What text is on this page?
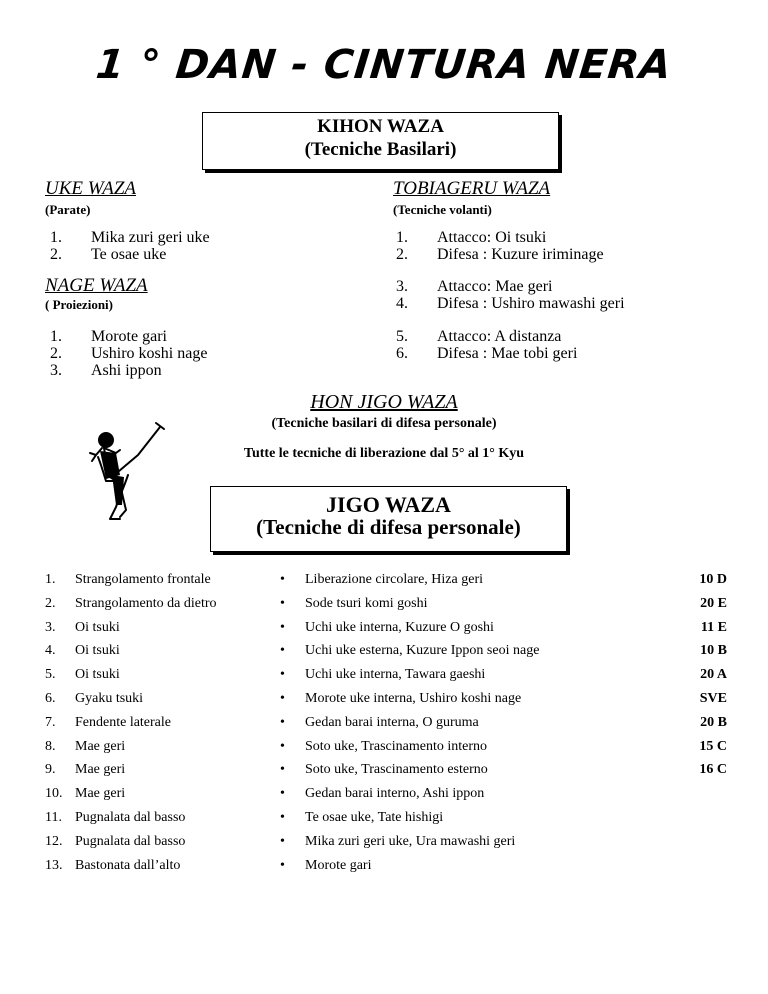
1 ° DAN - CINTURA NERA
KIHON WAZA
(Tecniche Basilari)
UKE WAZA
(Parate)
1. Mika zuri geri uke
2. Te osae uke
NAGE WAZA
( Proiezioni)
1. Morote gari
2. Ushiro koshi nage
3. Ashi ippon
TOBIAGERU WAZA
(Tecniche volanti)
1. Attacco: Oi tsuki
2. Difesa : Kuzure iriminage
3. Attacco: Mae geri
4. Difesa : Ushiro mawashi geri
5. Attacco: A distanza
6. Difesa : Mae tobi geri
HON JIGO WAZA
(Tecniche basilari di difesa personale)
Tutte le tecniche di liberazione dal 5° al 1° Kyu
JIGO WAZA
(Tecniche di difesa personale)
1. Strangolamento frontale	• Liberazione circolare, Hiza geri	10 D
2. Strangolamento da dietro	• Sode tsuri komi goshi	20 E
3. Oi tsuki	• Uchi uke interna, Kuzure O goshi	11 E
4. Oi tsuki	• Uchi uke esterna, Kuzure Ippon seoi nage	10 B
5. Oi tsuki	• Uchi uke interna, Tawara gaeshi	20 A
6. Gyaku tsuki	• Morote uke interna, Ushiro koshi nage	SVE
7. Fendente laterale	• Gedan barai interna, O guruma	20 B
8. Mae geri	• Soto uke, Trascinamento interno	15 C
9. Mae geri	• Soto uke, Trascinamento esterno	16 C
10. Mae geri	• Gedan barai interno, Ashi ippon
11. Pugnalata dal basso	• Te osae uke, Tate hishigi
12. Pugnalata dal basso	• Mika zuri geri uke, Ura mawashi geri
13. Bastonata dall’alto	• Morote gari
